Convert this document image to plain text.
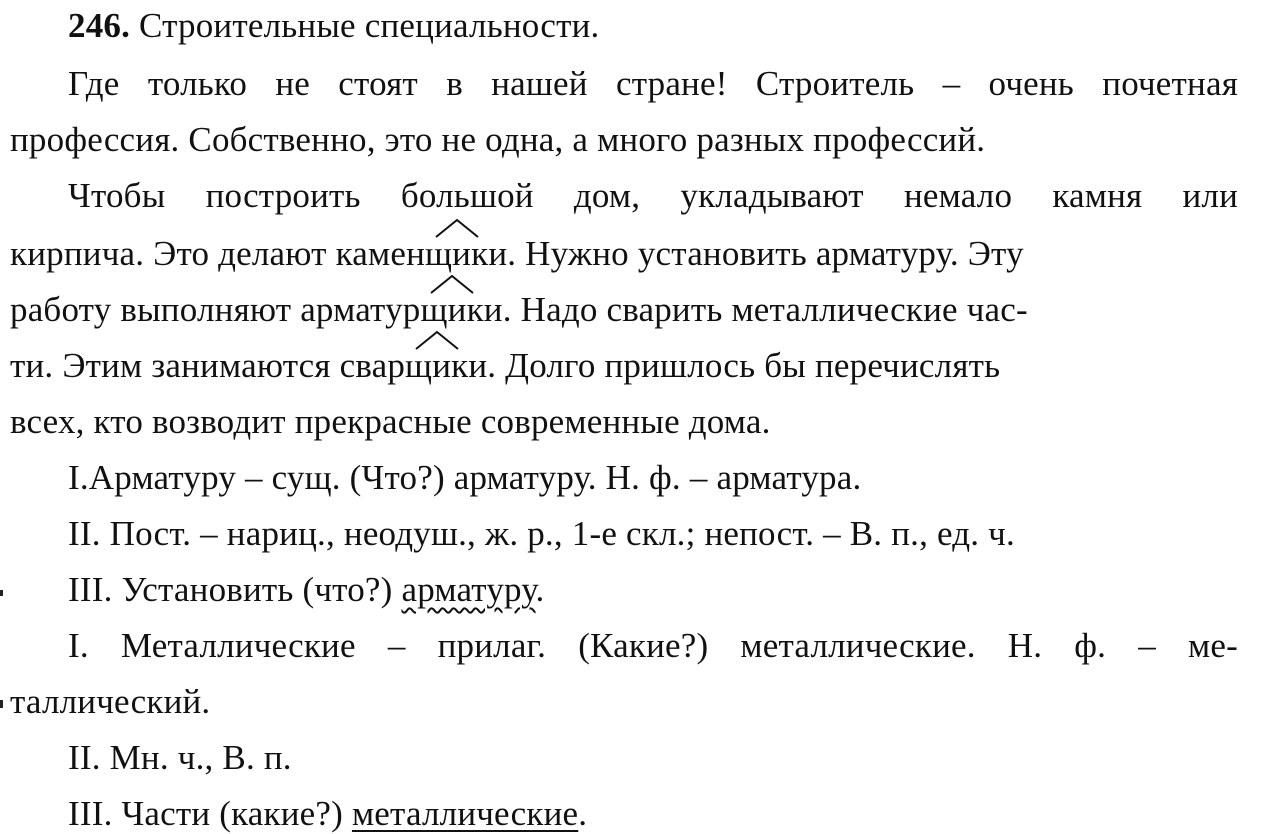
246. Строительные специальности.
Где только не стоят в нашей стране! Строитель – очень почетная
профессия. Собственно, это не одна, а много разных профессий.
Чтобы построить большой дом, укладывают немало камня или
кирпича. Это делают камен
щики. Нужно установить арматуру. Эту
работу выполняют арматур
щики. Надо сварить металлические час-
ти. Этим занимаются свар
щики. Долго пришлось бы перечислять
всех, кто возводит прекрасные современные дома.
I.Арматуру – сущ. (Что?) арматуру. Н. ф. – арматура.
II. Пост. – нариц., неодуш., ж. р., 1-е скл.; непост. – В. п., ед. ч.
III. Установить (что?) арматуру.
I. Металлические – прилаг. (Какие?) металлические. Н. ф. – ме-
таллический.
II. Мн. ч., В. п.
III. Части (какие?) металлические.
